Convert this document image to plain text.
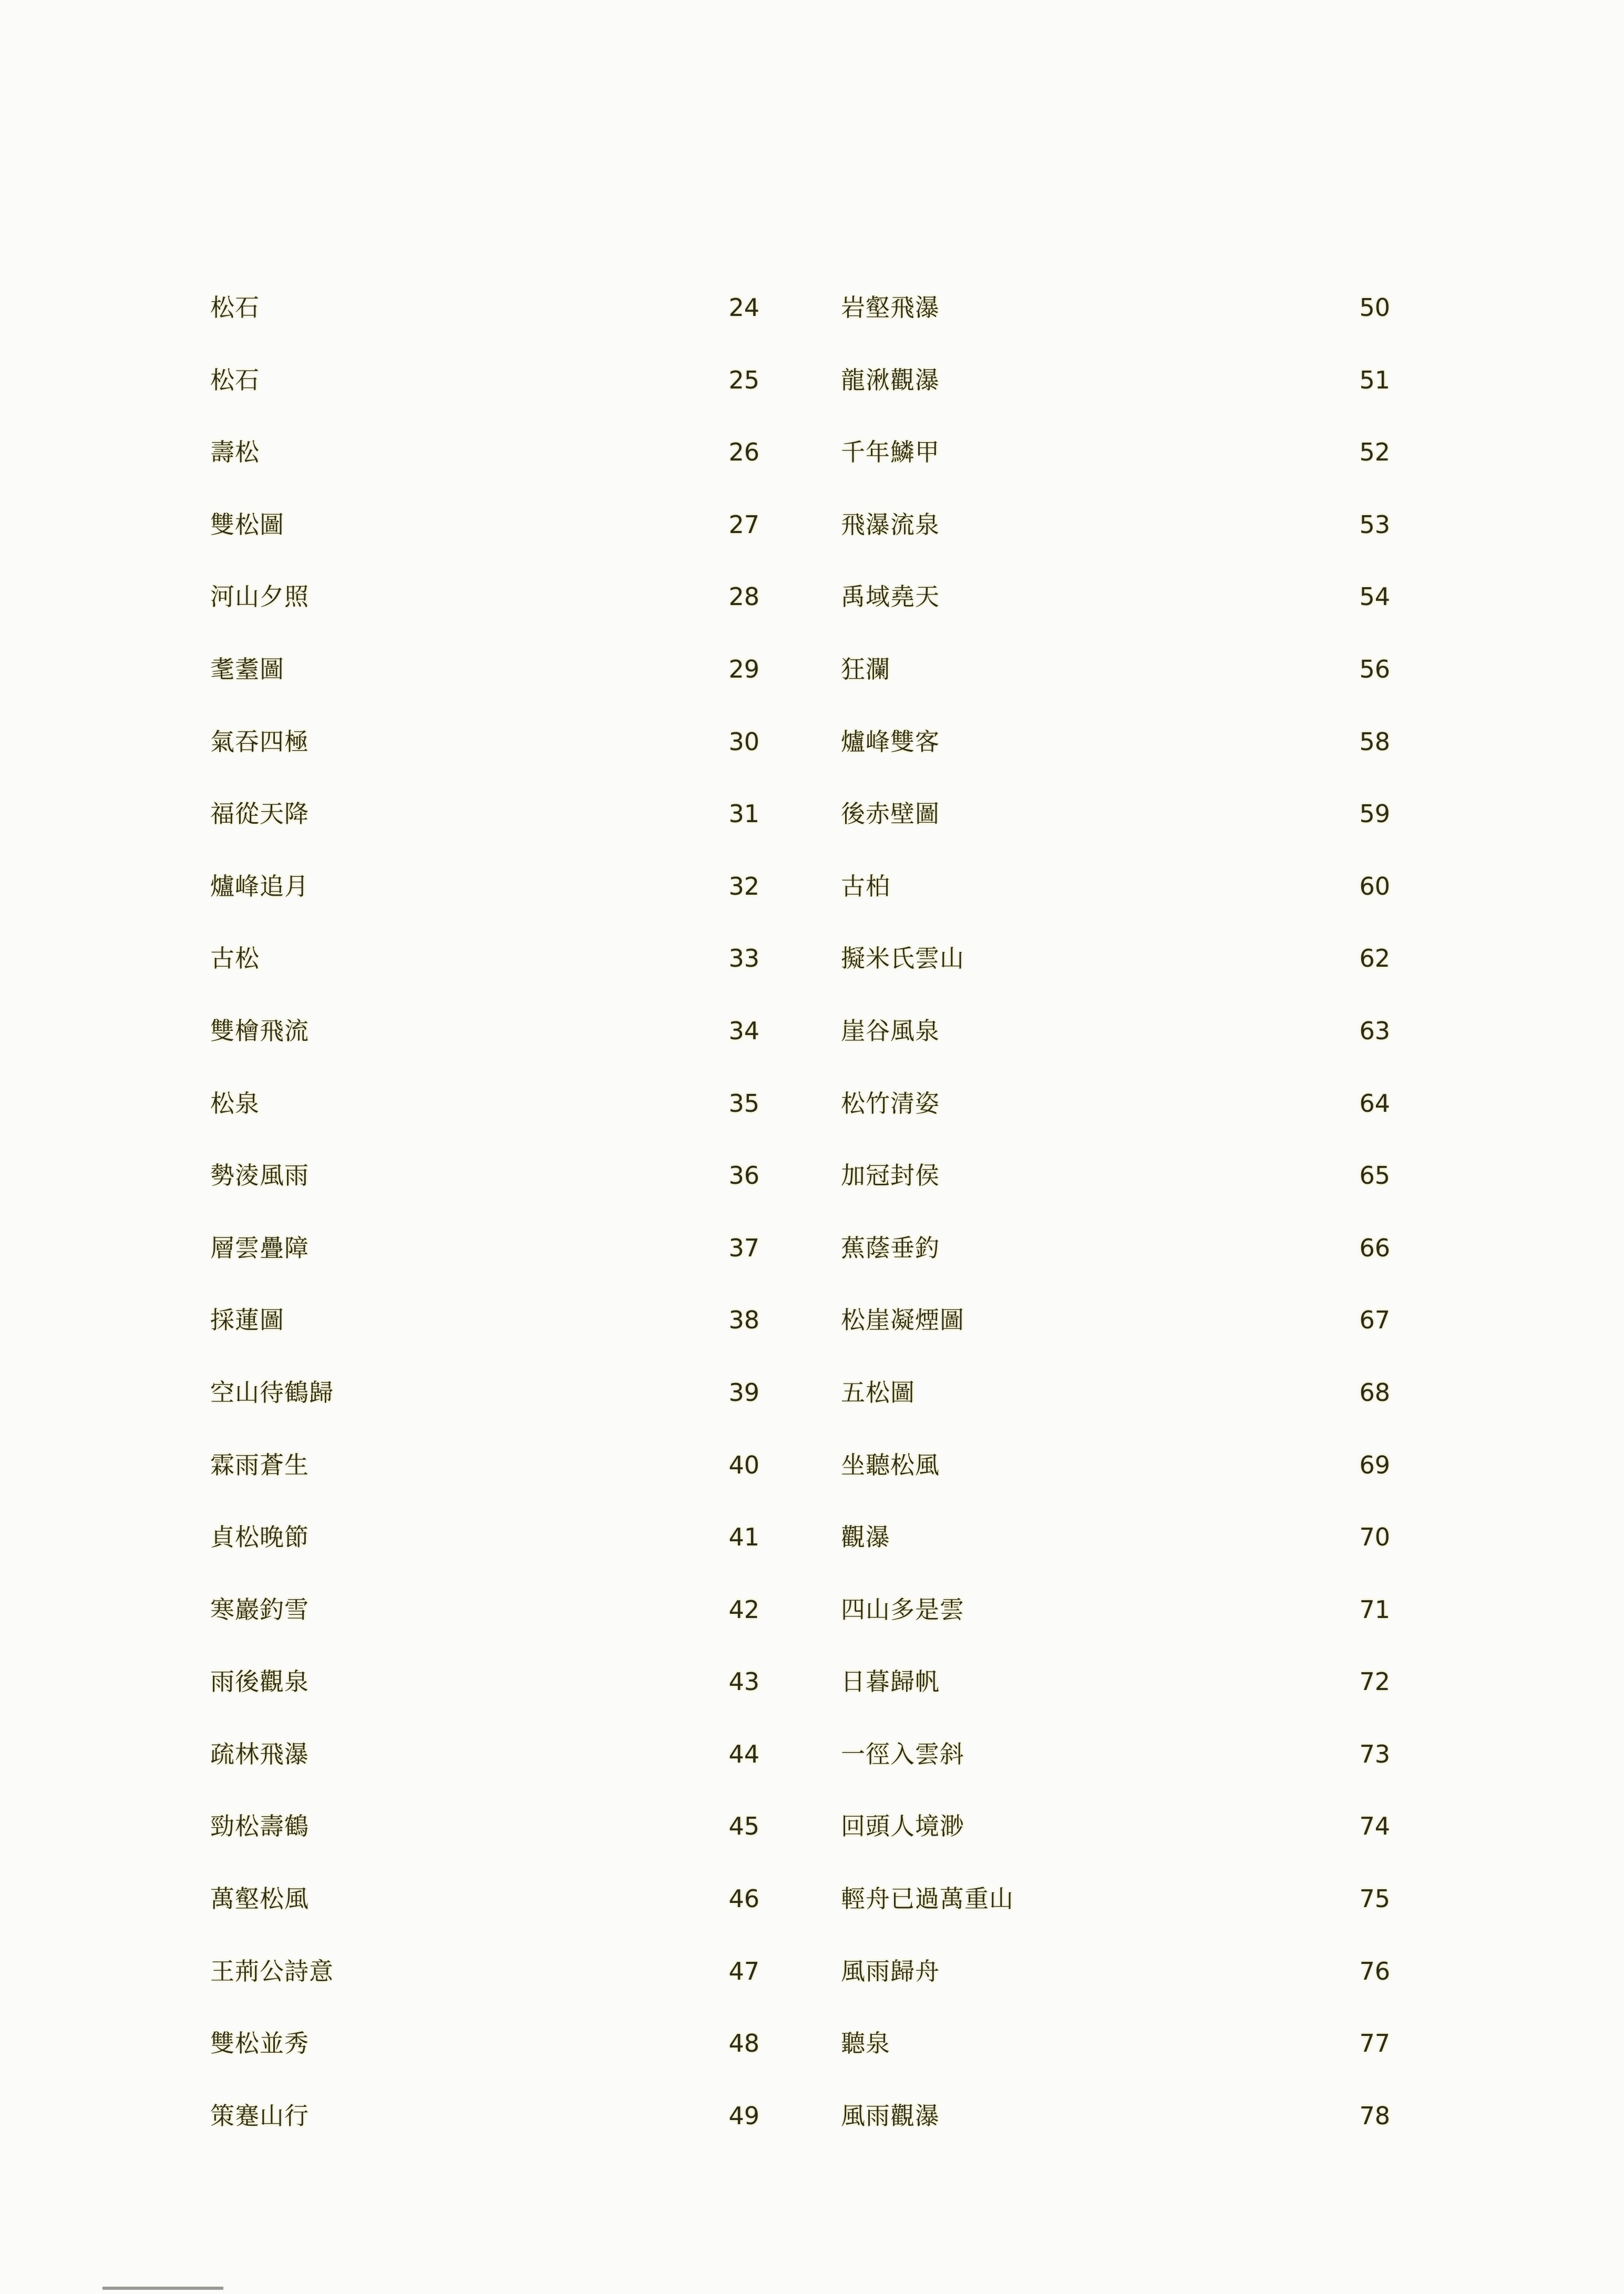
松石	24
松石	25
壽松	26
雙松圖	27
河山夕照	28
耄耋圖	29
氣吞四極	30
福從天降	31
爐峰追月	32
古松	33
雙檜飛流	34
松泉	35
勢淩風雨	36
層雲疊障	37
採蓮圖	38
空山待鶴歸	39
霖雨蒼生	40
貞松晚節	41
寒巖釣雪	42
雨後觀泉	43
疏林飛瀑	44
勁松壽鶴	45
萬壑松風	46
王荊公詩意	47
雙松並秀	48
策蹇山行	49
岩壑飛瀑	50
龍湫觀瀑	51
千年鱗甲	52
飛瀑流泉	53
禹域堯天	54
狂瀾	56
爐峰雙客	58
後赤壁圖	59
古柏	60
擬米氏雲山	62
崖谷風泉	63
松竹清姿	64
加冠封侯	65
蕉蔭垂釣	66
松崖凝煙圖	67
五松圖	68
坐聽松風	69
觀瀑	70
四山多是雲	71
日暮歸帆	72
一徑入雲斜	73
回頭人境渺	74
輕舟已過萬重山	75
風雨歸舟	76
聽泉	77
風雨觀瀑	78
